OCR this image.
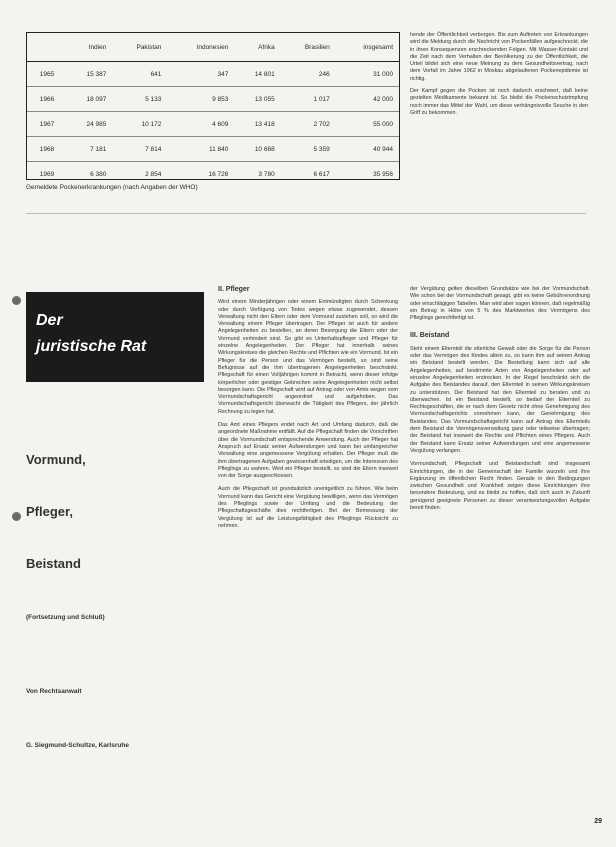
	Indien	Pakistan	Indonesien	Afrika	Brasilien	insgesamt
1965	15 387	641	347	14 801	246	31 000
1966	18 097	5 133	9 853	13 055	1 017	42 000
1967	24 985	10 172	4 609	13 418	2 702	55 000
1968	7 181	7 814	11 840	10 668	5 359	40 944
1969	6 380	2 854	16 726	3 780	6 617	35 956
Gemeldete Pockenerkrankungen (nach Angaben der WHO)

hende der Öffentlichkeit verborgen. Bis zum Auftreten von Erkrankungen wird die Meldung durch die Nachricht von Pockenfällen aufgeschreckt, die in ihren Konsequenzen erschreckenden Folgen. Mit Wasser-Kontakt und die Zeit nach dem Verhalten der Bevölkerung zu der Öffentlichkeit, die Urteil bildet sich eine neue Meinung zu dem Gesundheitsvertrag, nach dem Vorfall im Jahre 1962 in Moskau abgelaufenen Pockenepidemie ist richtig.

Der Kampf gegen die Pocken ist noch dadurch erschwert, daß keine gezielten Medikamente bekannt ist. So bleibt die Pockenschutzimpfung noch immer das Mittel der Wahl, um diese verhängnisvolle Seuche in den Griff zu bekommen.

Der
juristische Rat
Vormund,
Pfleger,
Beistand
(Fortsetzung und Schluß)
Von Rechtsanwalt
G. Siegmund-Schultze, Karlsruhe
II. Pfleger

Wird einem Minderjährigen oder einem Entmündigten durch Schenkung oder durch Verfügung von Todes wegen etwas zugewendet, dessen Verwaltung nicht den Eltern oder dem Vormund zustehen soll, so wird die Verwaltung einem Pfleger übertragen. Der Pfleger ist auch für andere Angelegenheiten zu bestellen, an deren Besorgung die Eltern oder der Vormund verhindert sind. So gibt es Unterhaltspfleger und Pfleger für einzelne Angelegenheiten. Der Pfleger hat innerhalb seines Wirkungskreises die gleichen Rechte und Pflichten wie ein Vormund. Ist ein Pfleger für die Person und das Vermögen bestellt, so sind seine Befugnisse auf die ihm übertragenen Angelegenheiten beschränkt. Pflegschaft für einen Volljährigen kommt in Betracht, wenn dieser infolge körperlicher oder geistiger Gebrechen seine Angelegenheiten nicht selbst besorgen kann. Die Pflegschaft wird auf Antrag oder von Amts wegen vom Vormundschaftsgericht angeordnet und aufgehoben. Das Vormundschaftsgericht überwacht die Tätigkeit des Pflegers, der jährlich Rechnung zu legen hat.

Das Amt eines Pflegers endet nach Art und Umfang dadurch, daß die angeordnete Maßnahme entfällt. Auf die Pflegschaft finden die Vorschriften über die Vormundschaft entsprechende Anwendung. Auch der Pfleger hat Anspruch auf Ersatz seiner Aufwendungen und kann bei umfangreicher Verwaltung eine angemessene Vergütung erhalten. Der Pfleger muß die ihm übertragenen Aufgaben gewissenhaft erledigen, um die Interessen des Pfleglings zu wahren. Wird ein Pfleger bestellt, so sind die Eltern insoweit von der Sorge ausgeschlossen.

Auch die Pflegschaft ist grundsätzlich unentgeltlich zu führen. Wie beim Vormund kann das Gericht eine Vergütung bewilligen, wenn das Vermögen des Pfleglings sowie der Umfang und die Bedeutung der Pflegschaftsgeschäfte dies rechtfertigen. Bei der Bemessung der Vergütung ist auf die Leistungsfähigkeit des Pfleglings Rücksicht zu nehmen.

der Vergütung gelten dieselben Grundsätze wie bei der Vormundschaft. Wie schon bei der Vormundschaft gesagt, gibt es keine Gebührenordnung oder einschlägigen Tabellen. Man wird aber sagen können, daß regelmäßig ein Betrag in Höhe von 5 % des Marktwertes des Vermögens des Pfleglings gerechtfertigt ist.

III. Beistand

Steht einem Elternteil die elterliche Gewalt oder die Sorge für die Person oder das Vermögen des Kindes allein zu, so kann ihm auf seinen Antrag ein Beistand bestellt werden. Die Bestellung kann sich auf alle Angelegenheiten, auf bestimmte Arten von Angelegenheiten oder auf einzelne Angelegenheiten erstrecken. In der Regel beschränkt sich die Aufgabe des Beistandes darauf, den Elternteil in seinen Wirkungskreisen zu unterstützen. Der Beistand hat den Elternteil zu beraten und zu überwachen. Ist ein Beistand bestellt, so bedarf der Elternteil zu Rechtsgeschäften, die er nach dem Gesetz nicht ohne Genehmigung des Vormundschaftsgerichts vornehmen kann, der Genehmigung des Beistandes. Das Vormundschaftsgericht kann auf Antrag des Elternteils dem Beistand die Vermögensverwaltung ganz oder teilweise übertragen; der Beistand hat insoweit die Rechte und Pflichten eines Pflegers. Auch der Beistand kann Ersatz seiner Aufwendungen und eine angemessene Vergütung verlangen.

Vormundschaft, Pflegschaft und Beistandschaft sind insgesamt Einrichtungen, die in der Gemeinschaft der Familie wurzeln und ihre Ergänzung im öffentlichen Recht finden. Gerade in den Bedingungen zwischen Gesundheit und Krankheit zeigen diese Einrichtungen ihre besondere Bedeutung, und es bleibt zu hoffen, daß sich auch in Zukunft genügend geeignete Personen zu dieser verantwortungsvollen Aufgabe bereit finden.

29
